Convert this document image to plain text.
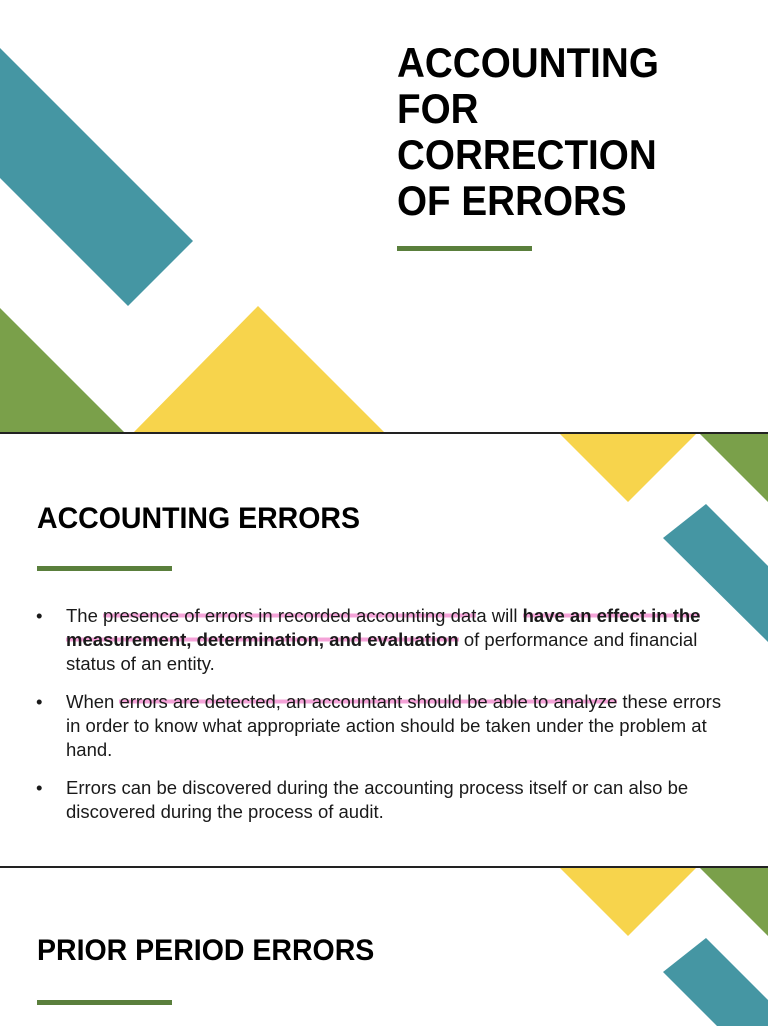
ACCOUNTING FOR CORRECTION OF ERRORS
ACCOUNTING ERRORS
• The presence of errors in recorded accounting data will have an effect in the measurement, determination, and evaluation of performance and financial status of an entity.
• When errors are detected, an accountant should be able to analyze these errors in order to know what appropriate action should be taken under the problem at hand.
• Errors can be discovered during the accounting process itself or can also be discovered during the process of audit.
PRIOR PERIOD ERRORS
